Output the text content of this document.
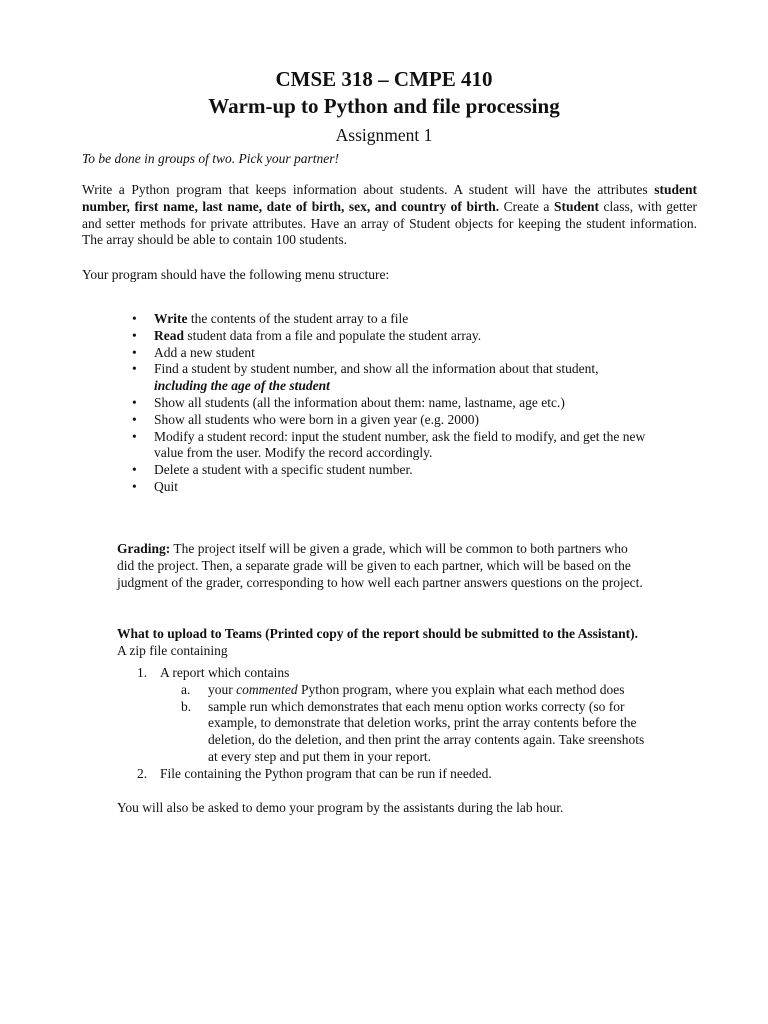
CMSE 318 – CMPE 410
Warm-up to Python and file processing
Assignment 1
To be done in groups of two. Pick your partner!

Write a Python program that keeps information about students. A student will have the attributes student number, first name, last name, date of birth, sex, and country of birth. Create a Student class, with getter and setter methods for private attributes. Have an array of Student objects for keeping the student information. The array should be able to contain 100 students.

Your program should have the following menu structure:
• Write the contents of the student array to a file
• Read student data from a file and populate the student array.
• Add a new student
• Find a student by student number, and show all the information about that student,
including the age of the student
• Show all students (all the information about them: name, lastname, age etc.)
• Show all students who were born in a given year (e.g. 2000)
• Modify a student record: input the student number, ask the field to modify, and get the new value from the user. Modify the record accordingly.
• Delete a student with a specific student number.
• Quit
Grading: The project itself will be given a grade, which will be common to both partners who did the project. Then, a separate grade will be given to each partner, which will be based on the judgment of the grader, corresponding to how well each partner answers questions on the project.
What to upload to Teams (Printed copy of the report should be submitted to the Assistant). A zip file containing
1. A report which contains
a. your commented Python program, where you explain what each method does
b. sample run which demonstrates that each menu option works correcty (so for example, to demonstrate that deletion works, print the array contents before the deletion, do the deletion, and then print the array contents again. Take sreenshots at every step and put them in your report.
2. File containing the Python program that can be run if needed.
You will also be asked to demo your program by the assistants during the lab hour.
